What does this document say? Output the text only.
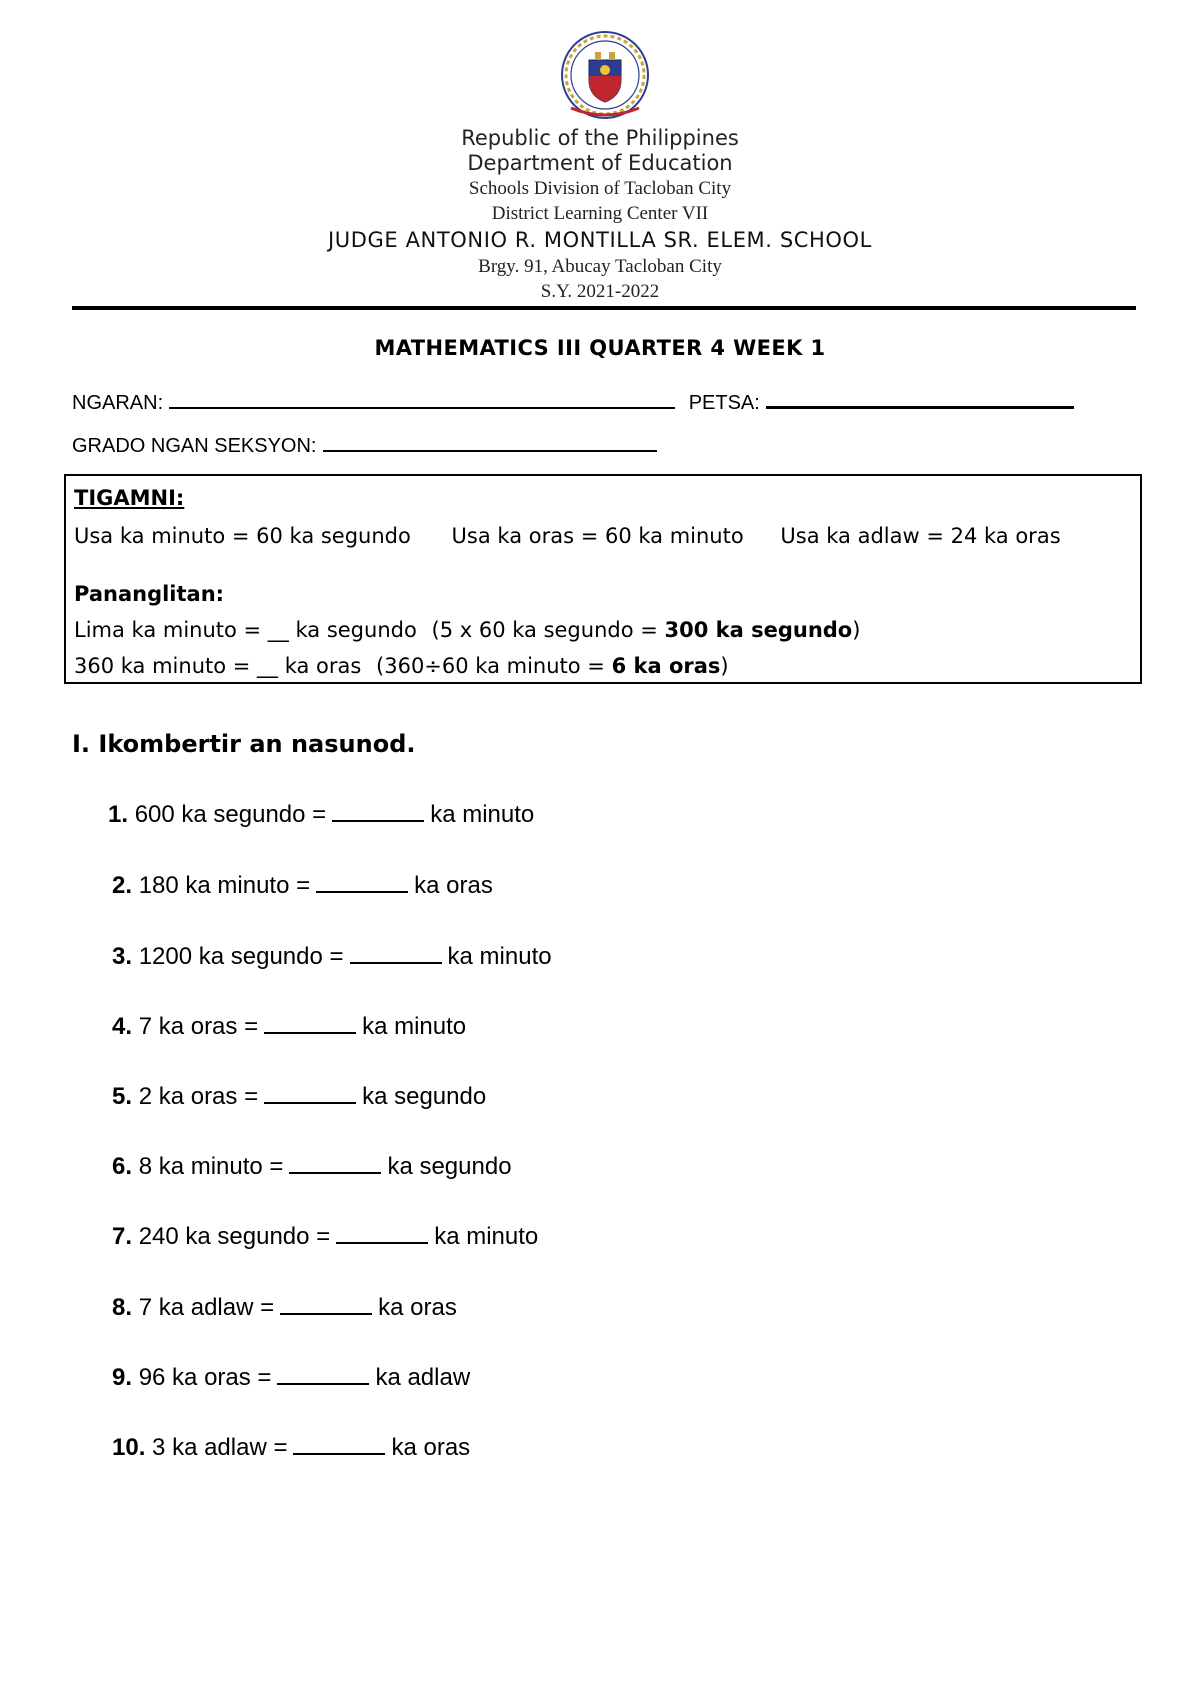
Republic of the Philippines
Department of Education
Schools Division of Tacloban City
District Learning Center VII
JUDGE ANTONIO R. MONTILLA SR. ELEM. SCHOOL
Brgy. 91, Abucay Tacloban City
S.Y. 2021-2022
MATHEMATICS III QUARTER 4 WEEK 1
NGARAN:	PETSA:
GRADO NGAN SEKSYON:
TIGAMNI:
Usa ka minuto = 60 ka segundo Usa ka oras = 60 ka minuto Usa ka adlaw = 24 ka oras
Pananglitan:
Lima ka minuto = __ ka segundo (5 x 60 ka segundo = 300 ka segundo)
360 ka minuto = __ ka oras (360÷60 ka minuto = 6 ka oras)
I. Ikombertir an nasunod.
1. 600 ka segundo =	ka minuto
2. 180 ka minuto =	ka oras
3. 1200 ka segundo =	ka minuto
4. 7 ka oras =	ka minuto
5. 2 ka oras =	ka segundo
6. 8 ka minuto =	ka segundo
7. 240 ka segundo =	ka minuto
8. 7 ka adlaw =	ka oras
9. 96 ka oras =	ka adlaw
10. 3 ka adlaw =	ka oras
